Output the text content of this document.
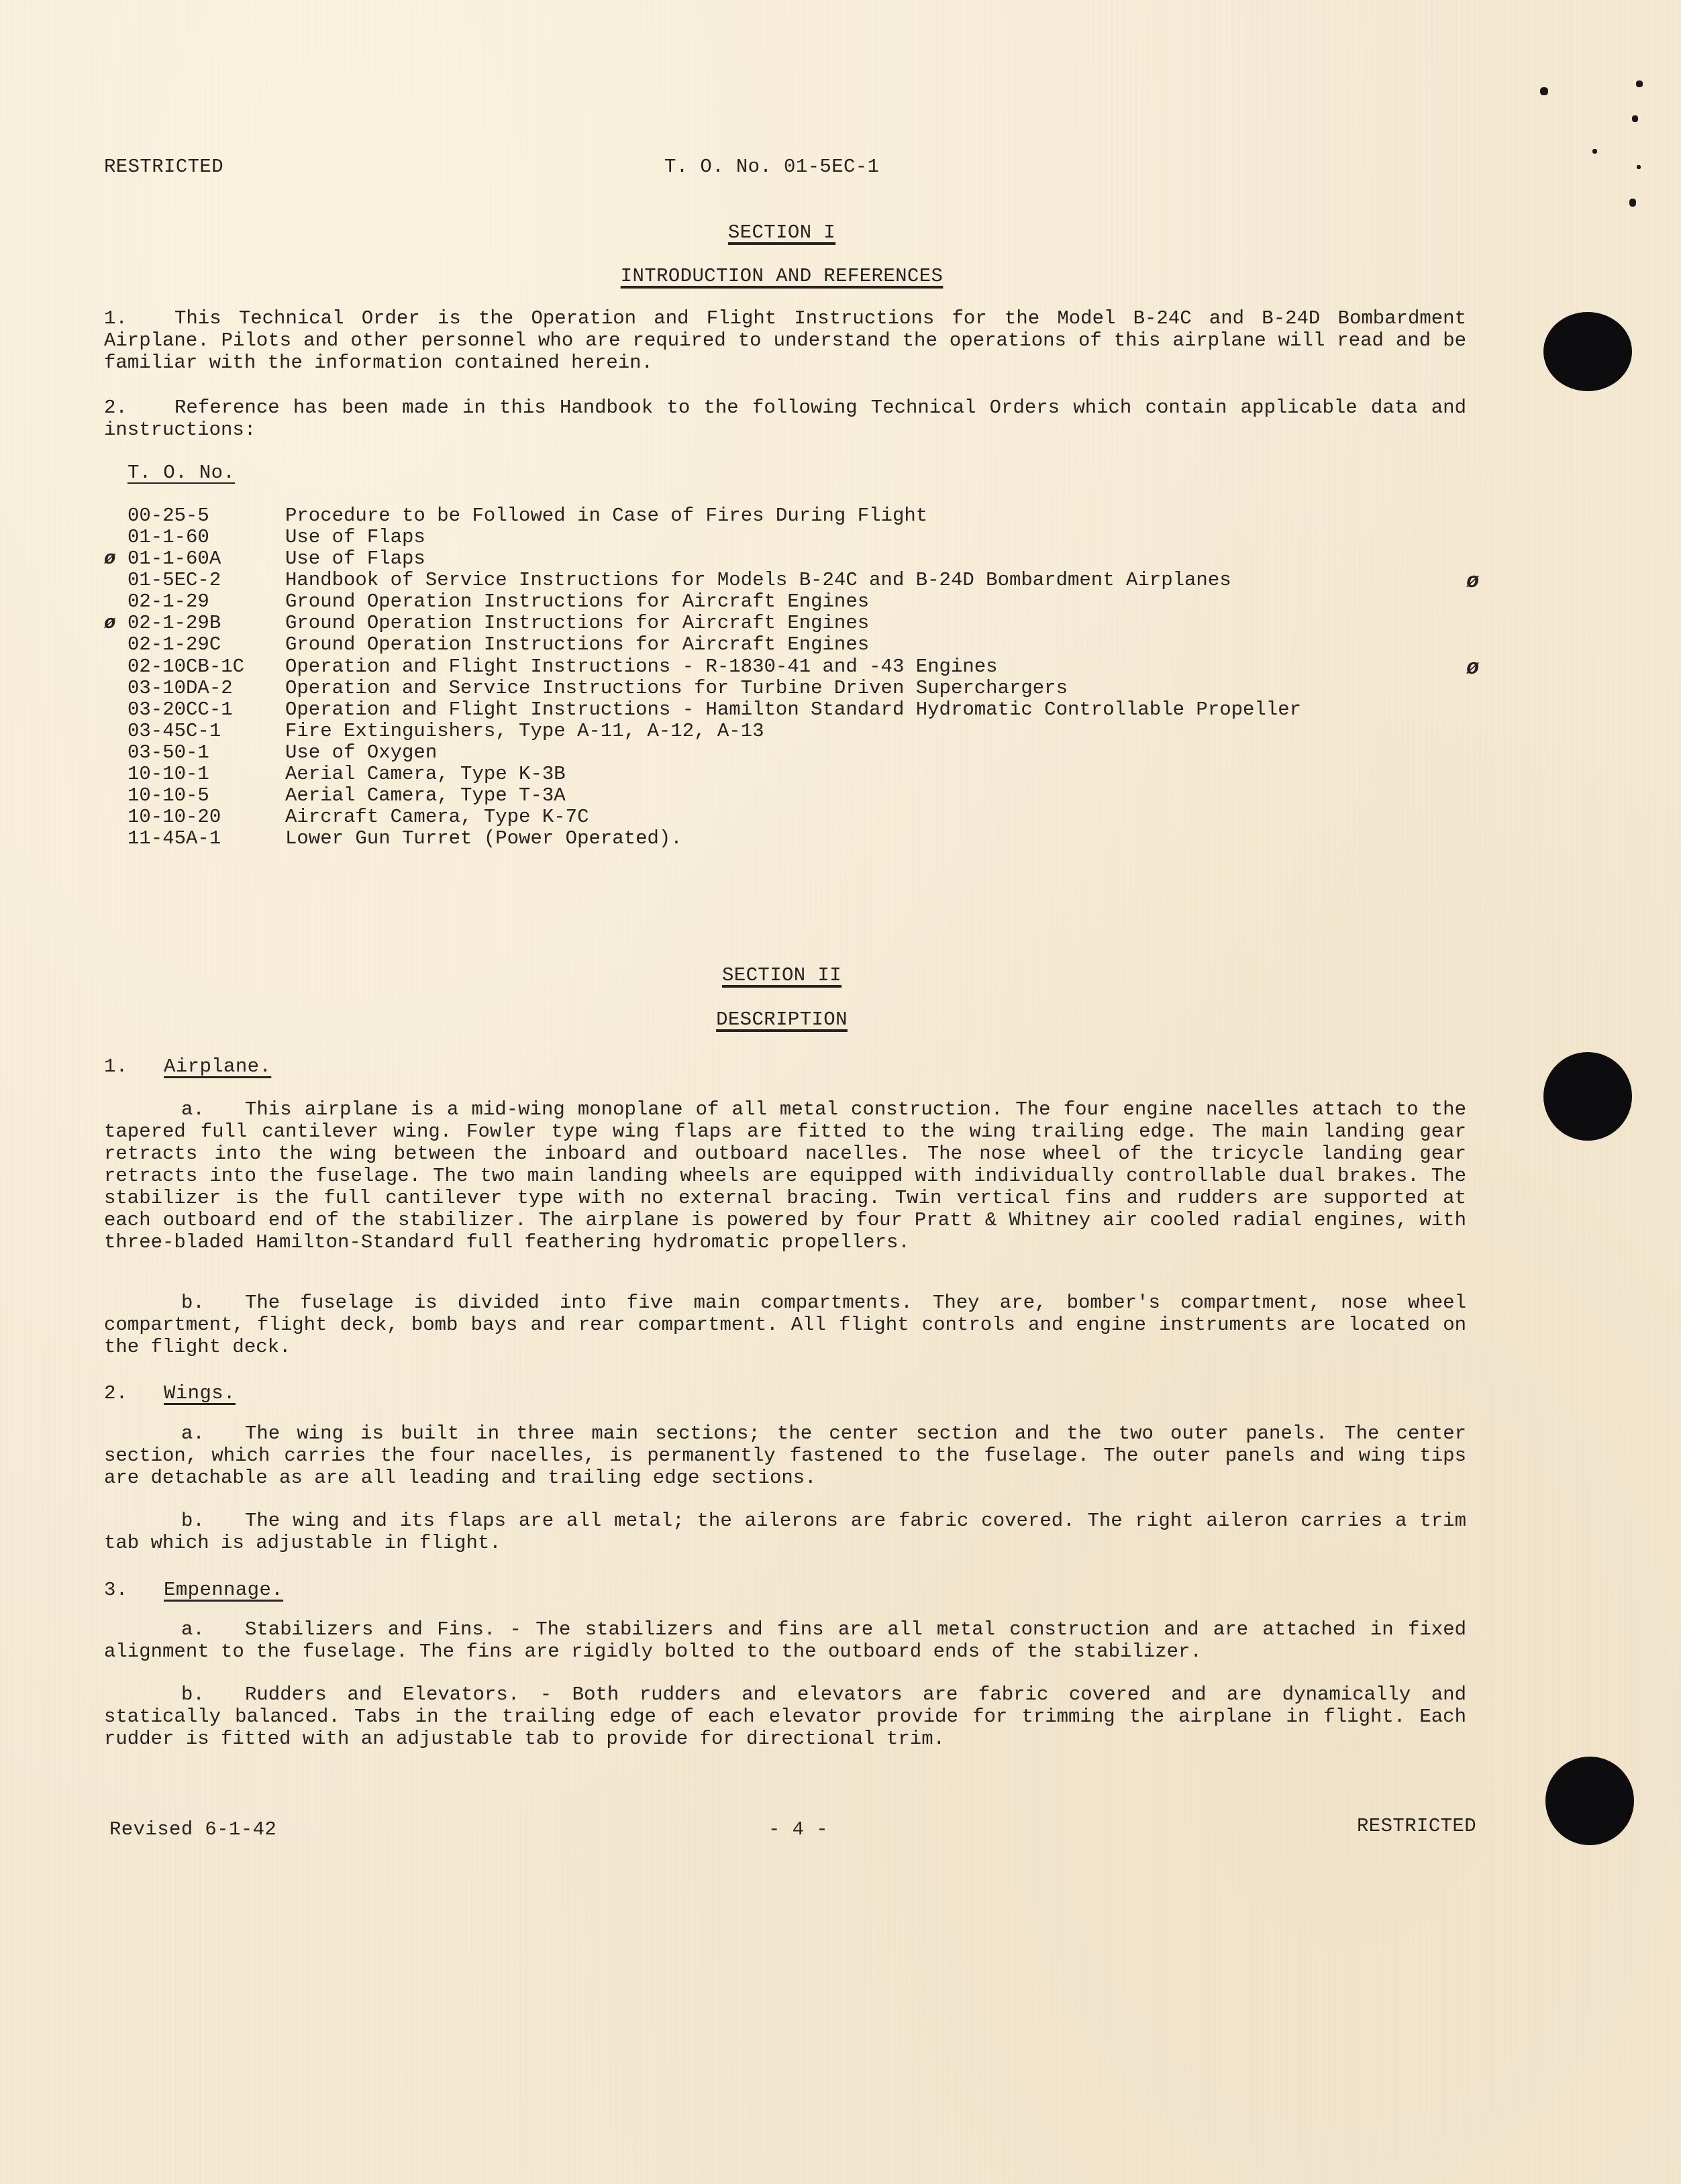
RESTRICTED	T. O. No. 01-5EC-1
SECTION I
INTRODUCTION AND REFERENCES
1. This Technical Order is the Operation and Flight Instructions for the Model B-24C and B-24D Bombardment Airplane. Pilots and other personnel who are required to understand the operations of this airplane will read and be familiar with the information contained herein.
2. Reference has been made in this Handbook to the following Technical Orders which contain applicable data and instructions:
T. O. No.
00-25-5	Procedure to be Followed in Case of Fires During Flight
01-1-60	Use of Flaps
ø 01-1-60A	Use of Flaps
01-5EC-2	Handbook of Service Instructions for Models B-24C and B-24D Bombardment Airplanes
02-1-29	Ground Operation Instructions for Aircraft Engines
ø 02-1-29B	Ground Operation Instructions for Aircraft Engines
02-1-29C	Ground Operation Instructions for Aircraft Engines
02-10CB-1C Operation and Flight Instructions - R-1830-41 and -43 Engines
03-10DA-2	Operation and Service Instructions for Turbine Driven Superchargers
03-20CC-1	Operation and Flight Instructions - Hamilton Standard Hydromatic Controllable Propeller
03-45C-1	Fire Extinguishers, Type A-11, A-12, A-13
03-50-1	Use of Oxygen
10-10-1	Aerial Camera, Type K-3B
10-10-5	Aerial Camera, Type T-3A
10-10-20	Aircraft Camera, Type K-7C
11-45A-1	Lower Gun Turret (Power Operated).
ø
ø
SECTION II
DESCRIPTION
1. Airplane.
a. This airplane is a mid-wing monoplane of all metal construction. The four engine nacelles attach to the tapered full cantilever wing. Fowler type wing flaps are fitted to the wing trailing edge. The main landing gear retracts into the wing between the inboard and outboard nacelles. The nose wheel of the tricycle landing gear retracts into the fuselage. The two main landing wheels are equipped with individually controllable dual brakes. The stabilizer is the full cantilever type with no external bracing. Twin vertical fins and rudders are supported at each outboard end of the stabilizer. The airplane is powered by four Pratt & Whitney air cooled radial engines, with three-bladed Hamilton-Standard full feathering hydromatic propellers.
b. The fuselage is divided into five main compartments. They are, bomber's compartment, nose wheel compartment, flight deck, bomb bays and rear compartment. All flight controls and engine instruments are located on the flight deck.
2. Wings.
a. The wing is built in three main sections; the center section and the two outer panels. The center section, which carries the four nacelles, is permanently fastened to the fuselage. The outer panels and wing tips are detachable as are all leading and trailing edge sections.
b. The wing and its flaps are all metal; the ailerons are fabric covered. The right aileron carries a trim tab which is adjustable in flight.
3. Empennage.
a. Stabilizers and Fins. - The stabilizers and fins are all metal construction and are attached in fixed alignment to the fuselage. The fins are rigidly bolted to the outboard ends of the stabilizer.
b. Rudders and Elevators. - Both rudders and elevators are fabric covered and are dynamically and statically balanced. Tabs in the trailing edge of each elevator provide for trimming the airplane in flight. Each rudder is fitted with an adjustable tab to provide for directional trim.
Revised 6-1-42	- 4 -	RESTRICTED
